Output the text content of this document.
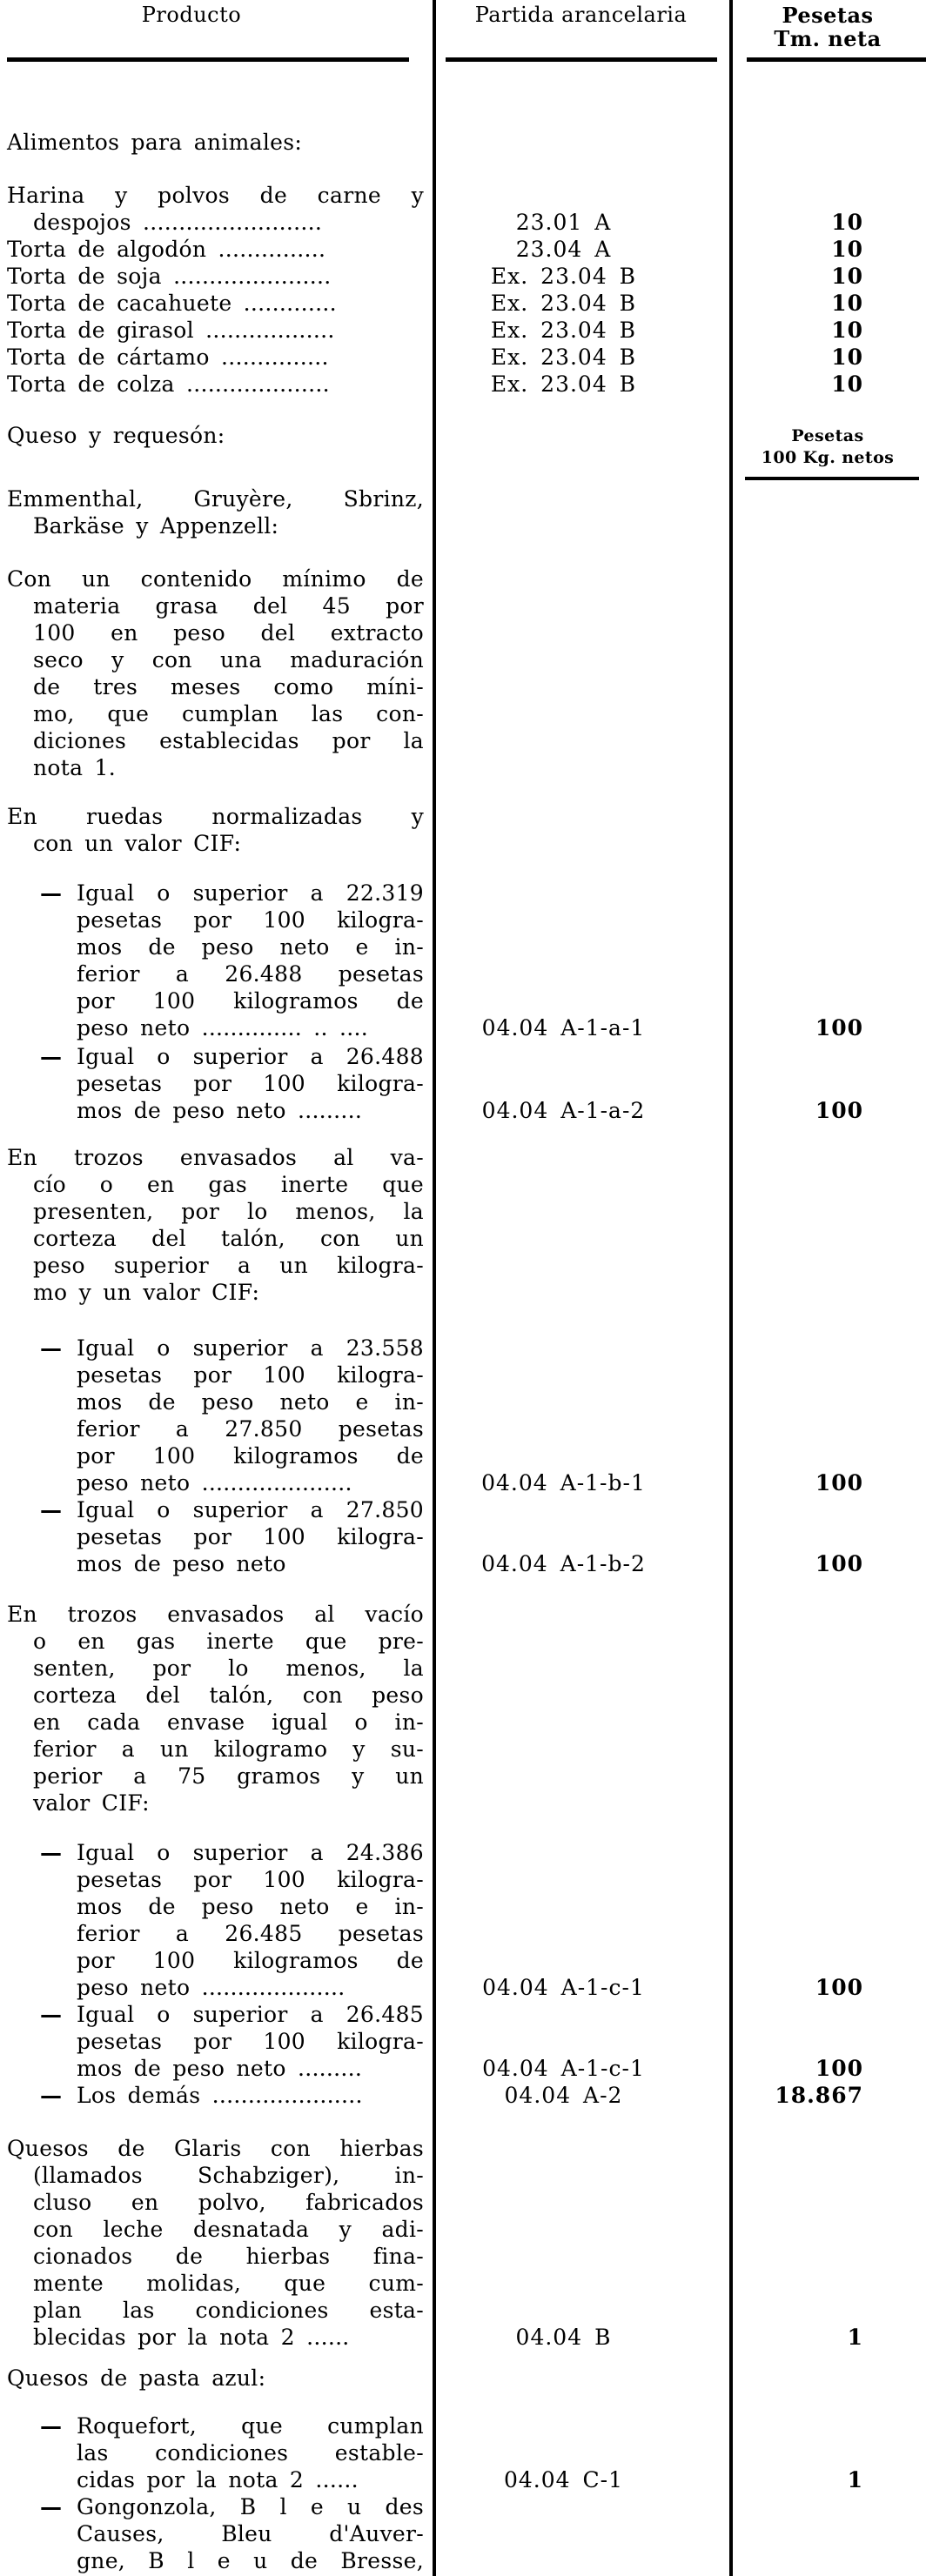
Producto	Partida arancelaria	Pesetas
Tm. neta
Alimentos para animales:
Harina y polvos de carne y
despojos .........................	23.01 A	10
Torta de algodón ...............	23.04 A	10
Torta de soja ......................	Ex. 23.04 B	10
Torta de cacahuete .............	Ex. 23.04 B	10
Torta de girasol ..................	Ex. 23.04 B	10
Torta de cártamo ...............	Ex. 23.04 B	10
Torta de colza ....................	Ex. 23.04 B	10
Queso y requesón:	Pesetas
100 Kg. netos
Emmenthal, Gruyère, Sbrinz,
Barkäse y Appenzell:
Con un contenido mínimo de
materia grasa del 45 por
100 en peso del extracto
seco y con una maduración
de tres meses como míni-
mo, que cumplan las con-
diciones establecidas por la
nota 1.
En ruedas normalizadas y
con un valor CIF:
— Igual o superior a 22.319
pesetas por 100 kilogra-
mos de peso neto e in-
ferior a 26.488 pesetas
por 100 kilogramos de
peso neto .............. .. ....	04.04 A-1-a-1	100
— Igual o superior a 26.488
pesetas por 100 kilogra-
mos de peso neto .........	04.04 A-1-a-2	100
En trozos envasados al va-
cío o en gas inerte que
presenten, por lo menos, la
corteza del talón, con un
peso superior a un kilogra-
mo y un valor CIF:
— Igual o superior a 23.558
pesetas por 100 kilogra-
mos de peso neto e in-
ferior a 27.850 pesetas
por 100 kilogramos de
peso neto .....................	04.04 A-1-b-1	100
— Igual o superior a 27.850
pesetas por 100 kilogra-
mos de peso neto	04.04 A-1-b-2	100
En trozos envasados al vacío
o en gas inerte que pre-
senten, por lo menos, la
corteza del talón, con peso
en cada envase igual o in-
ferior a un kilogramo y su-
perior a 75 gramos y un
valor CIF:
— Igual o superior a 24.386
pesetas por 100 kilogra-
mos de peso neto e in-
ferior a 26.485 pesetas
por 100 kilogramos de
peso neto ....................	04.04 A-1-c-1	100
— Igual o superior a 26.485
pesetas por 100 kilogra-
mos de peso neto .........	04.04 A-1-c-1	100
— Los demás .....................	04.04 A-2	18.867
Quesos de Glaris con hierbas
(llamados Schabziger), in-
cluso en polvo, fabricados
con leche desnatada y adi-
cionados de hierbas fina-
mente molidas, que cum-
plan las condiciones esta-
blecidas por la nota 2 ......	04.04 B	1
Quesos de pasta azul:
— Roquefort, que cumplan
las condiciones estable-
cidas por la nota 2 ......	04.04 C-1	1
— Gongonzola, B l e u des
Causes, Bleu d'Auver-
gne, B l e u de Bresse,
